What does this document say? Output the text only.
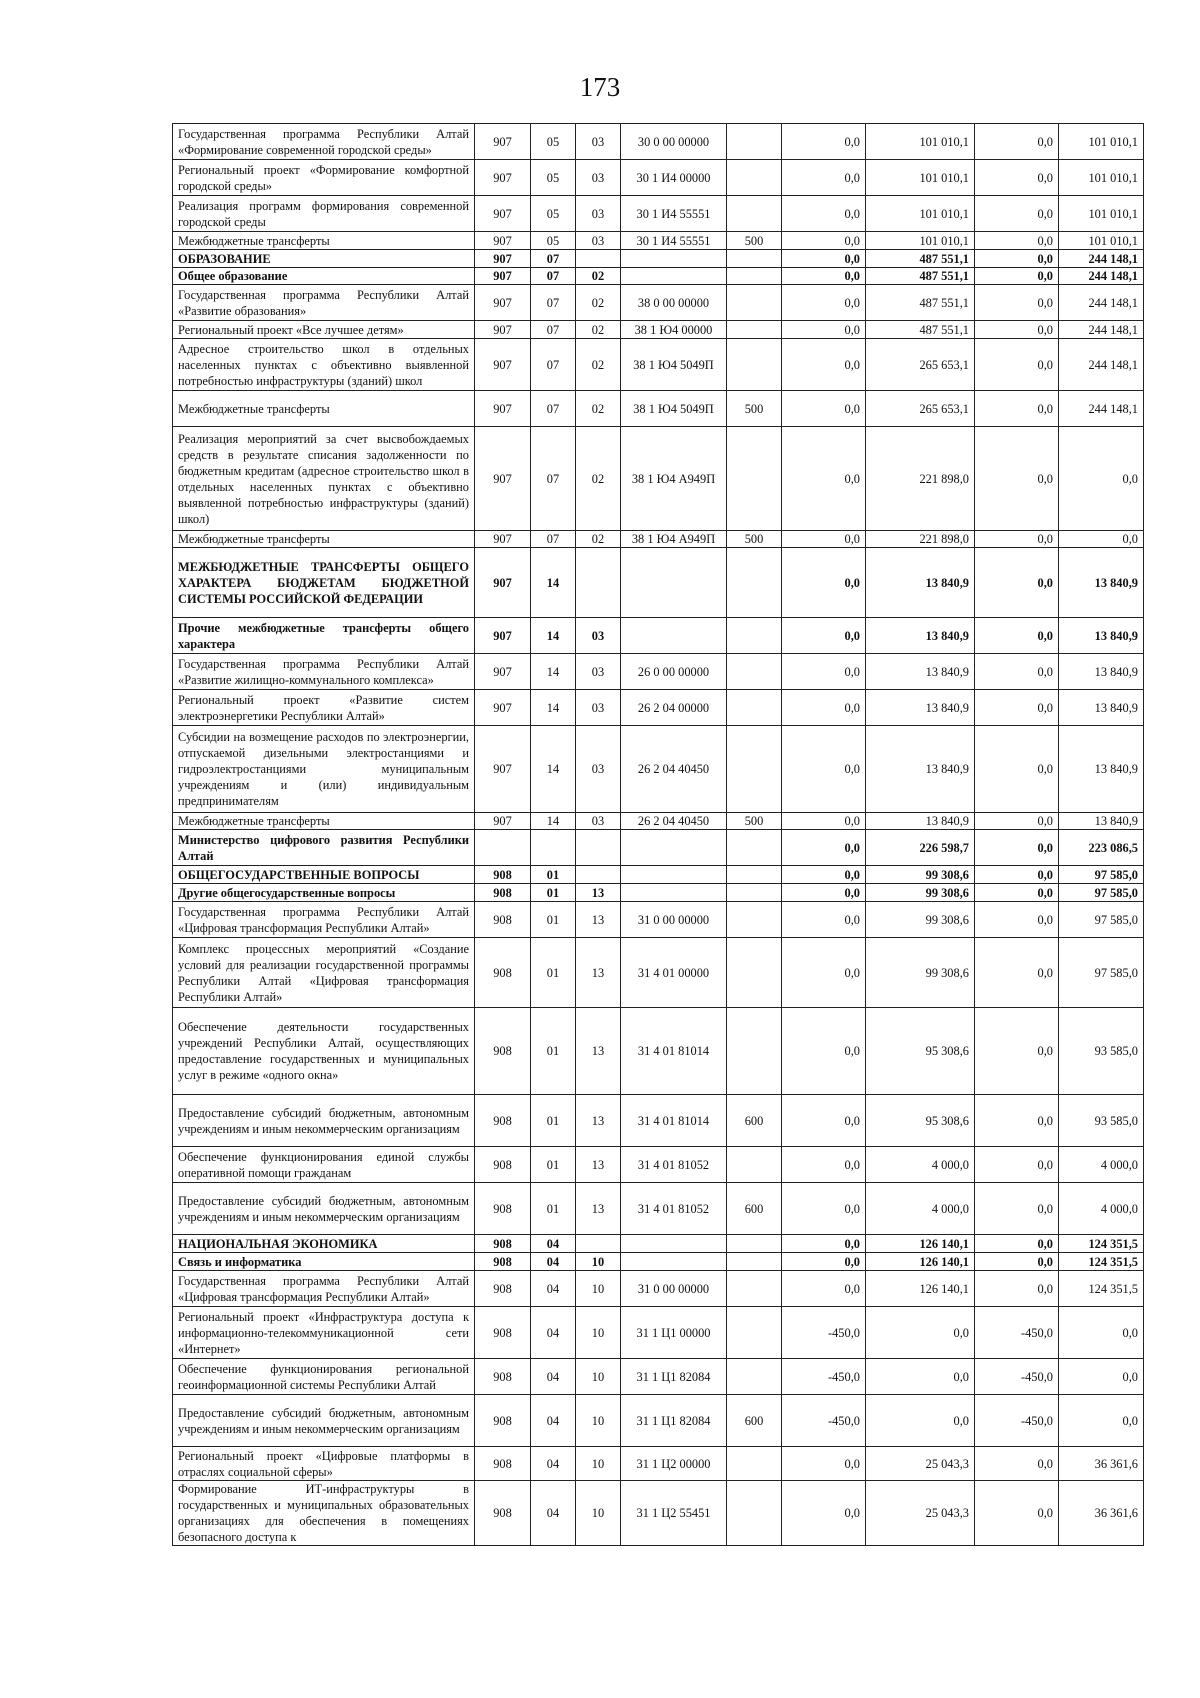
173
Государственная программа Республики Алтай «Формирование современной городской среды»	907	05	03	30 0 00 00000		0,0	101 010,1	0,0	101 010,1
Региональный проект «Формирование комфортной городской среды»	907	05	03	30 1 И4 00000		0,0	101 010,1	0,0	101 010,1
Реализация программ формирования современной городской среды	907	05	03	30 1 И4 55551		0,0	101 010,1	0,0	101 010,1
Межбюджетные трансферты	907	05	03	30 1 И4 55551	500	0,0	101 010,1	0,0	101 010,1
ОБРАЗОВАНИЕ	907	07				0,0	487 551,1	0,0	244 148,1
Общее образование	907	07	02			0,0	487 551,1	0,0	244 148,1
Государственная программа Республики Алтай «Развитие образования»	907	07	02	38 0 00 00000		0,0	487 551,1	0,0	244 148,1
Региональный проект «Все лучшее детям»	907	07	02	38 1 Ю4 00000		0,0	487 551,1	0,0	244 148,1
Адресное строительство школ в отдельных населенных пунктах с объективно выявленной потребностью инфраструктуры (зданий) школ	907	07	02	38 1 Ю4 5049П		0,0	265 653,1	0,0	244 148,1
Межбюджетные трансферты	907	07	02	38 1 Ю4 5049П	500	0,0	265 653,1	0,0	244 148,1
Реализация мероприятий за счет высвобождаемых средств в результате списания задолженности по бюджетным кредитам (адресное строительство школ в отдельных населенных пунктах с объективно выявленной потребностью инфраструктуры (зданий) школ)	907	07	02	38 1 Ю4 А949П		0,0	221 898,0	0,0	0,0
Межбюджетные трансферты	907	07	02	38 1 Ю4 А949П	500	0,0	221 898,0	0,0	0,0
МЕЖБЮДЖЕТНЫЕ ТРАНСФЕРТЫ ОБЩЕГО ХАРАКТЕРА БЮДЖЕТАМ БЮДЖЕТНОЙ СИСТЕМЫ РОССИЙСКОЙ ФЕДЕРАЦИИ	907	14				0,0	13 840,9	0,0	13 840,9
Прочие межбюджетные трансферты общего характера	907	14	03			0,0	13 840,9	0,0	13 840,9
Государственная программа Республики Алтай «Развитие жилищно-коммунального комплекса»	907	14	03	26 0 00 00000		0,0	13 840,9	0,0	13 840,9
Региональный проект «Развитие систем электроэнергетики Республики Алтай»	907	14	03	26 2 04 00000		0,0	13 840,9	0,0	13 840,9
Субсидии на возмещение расходов по электроэнергии, отпускаемой дизельными электростанциями и гидроэлектростанциями муниципальным учреждениям и (или) индивидуальным предпринимателям	907	14	03	26 2 04 40450		0,0	13 840,9	0,0	13 840,9
Межбюджетные трансферты	907	14	03	26 2 04 40450	500	0,0	13 840,9	0,0	13 840,9
Министерство цифрового развития Республики Алтай						0,0	226 598,7	0,0	223 086,5
ОБЩЕГОСУДАРСТВЕННЫЕ ВОПРОСЫ	908	01				0,0	99 308,6	0,0	97 585,0
Другие общегосударственные вопросы	908	01	13			0,0	99 308,6	0,0	97 585,0
Государственная программа Республики Алтай «Цифровая трансформация Республики Алтай»	908	01	13	31 0 00 00000		0,0	99 308,6	0,0	97 585,0
Комплекс процессных мероприятий «Создание условий для реализации государственной программы Республики Алтай «Цифровая трансформация Республики Алтай»	908	01	13	31 4 01 00000		0,0	99 308,6	0,0	97 585,0
Обеспечение деятельности государственных учреждений Республики Алтай, осуществляющих предоставление государственных и муниципальных услуг в режиме «одного окна»	908	01	13	31 4 01 81014		0,0	95 308,6	0,0	93 585,0
Предоставление субсидий бюджетным, автономным учреждениям и иным некоммерческим организациям	908	01	13	31 4 01 81014	600	0,0	95 308,6	0,0	93 585,0
Обеспечение функционирования единой службы оперативной помощи гражданам	908	01	13	31 4 01 81052		0,0	4 000,0	0,0	4 000,0
Предоставление субсидий бюджетным, автономным учреждениям и иным некоммерческим организациям	908	01	13	31 4 01 81052	600	0,0	4 000,0	0,0	4 000,0
НАЦИОНАЛЬНАЯ ЭКОНОМИКА	908	04				0,0	126 140,1	0,0	124 351,5
Связь и информатика	908	04	10			0,0	126 140,1	0,0	124 351,5
Государственная программа Республики Алтай «Цифровая трансформация Республики Алтай»	908	04	10	31 0 00 00000		0,0	126 140,1	0,0	124 351,5
Региональный проект «Инфраструктура доступа к информационно-телекоммуникационной сети «Интернет»	908	04	10	31 1 Ц1 00000		-450,0	0,0	-450,0	0,0
Обеспечение функционирования региональной геоинформационной системы Республики Алтай	908	04	10	31 1 Ц1 82084		-450,0	0,0	-450,0	0,0
Предоставление субсидий бюджетным, автономным учреждениям и иным некоммерческим организациям	908	04	10	31 1 Ц1 82084	600	-450,0	0,0	-450,0	0,0
Региональный проект «Цифровые платформы в отраслях социальной сферы»	908	04	10	31 1 Ц2 00000		0,0	25 043,3	0,0	36 361,6
Формирование ИТ-инфраструктуры в государственных и муниципальных образовательных организациях для обеспечения в помещениях безопасного доступа к	908	04	10	31 1 Ц2 55451		0,0	25 043,3	0,0	36 361,6
